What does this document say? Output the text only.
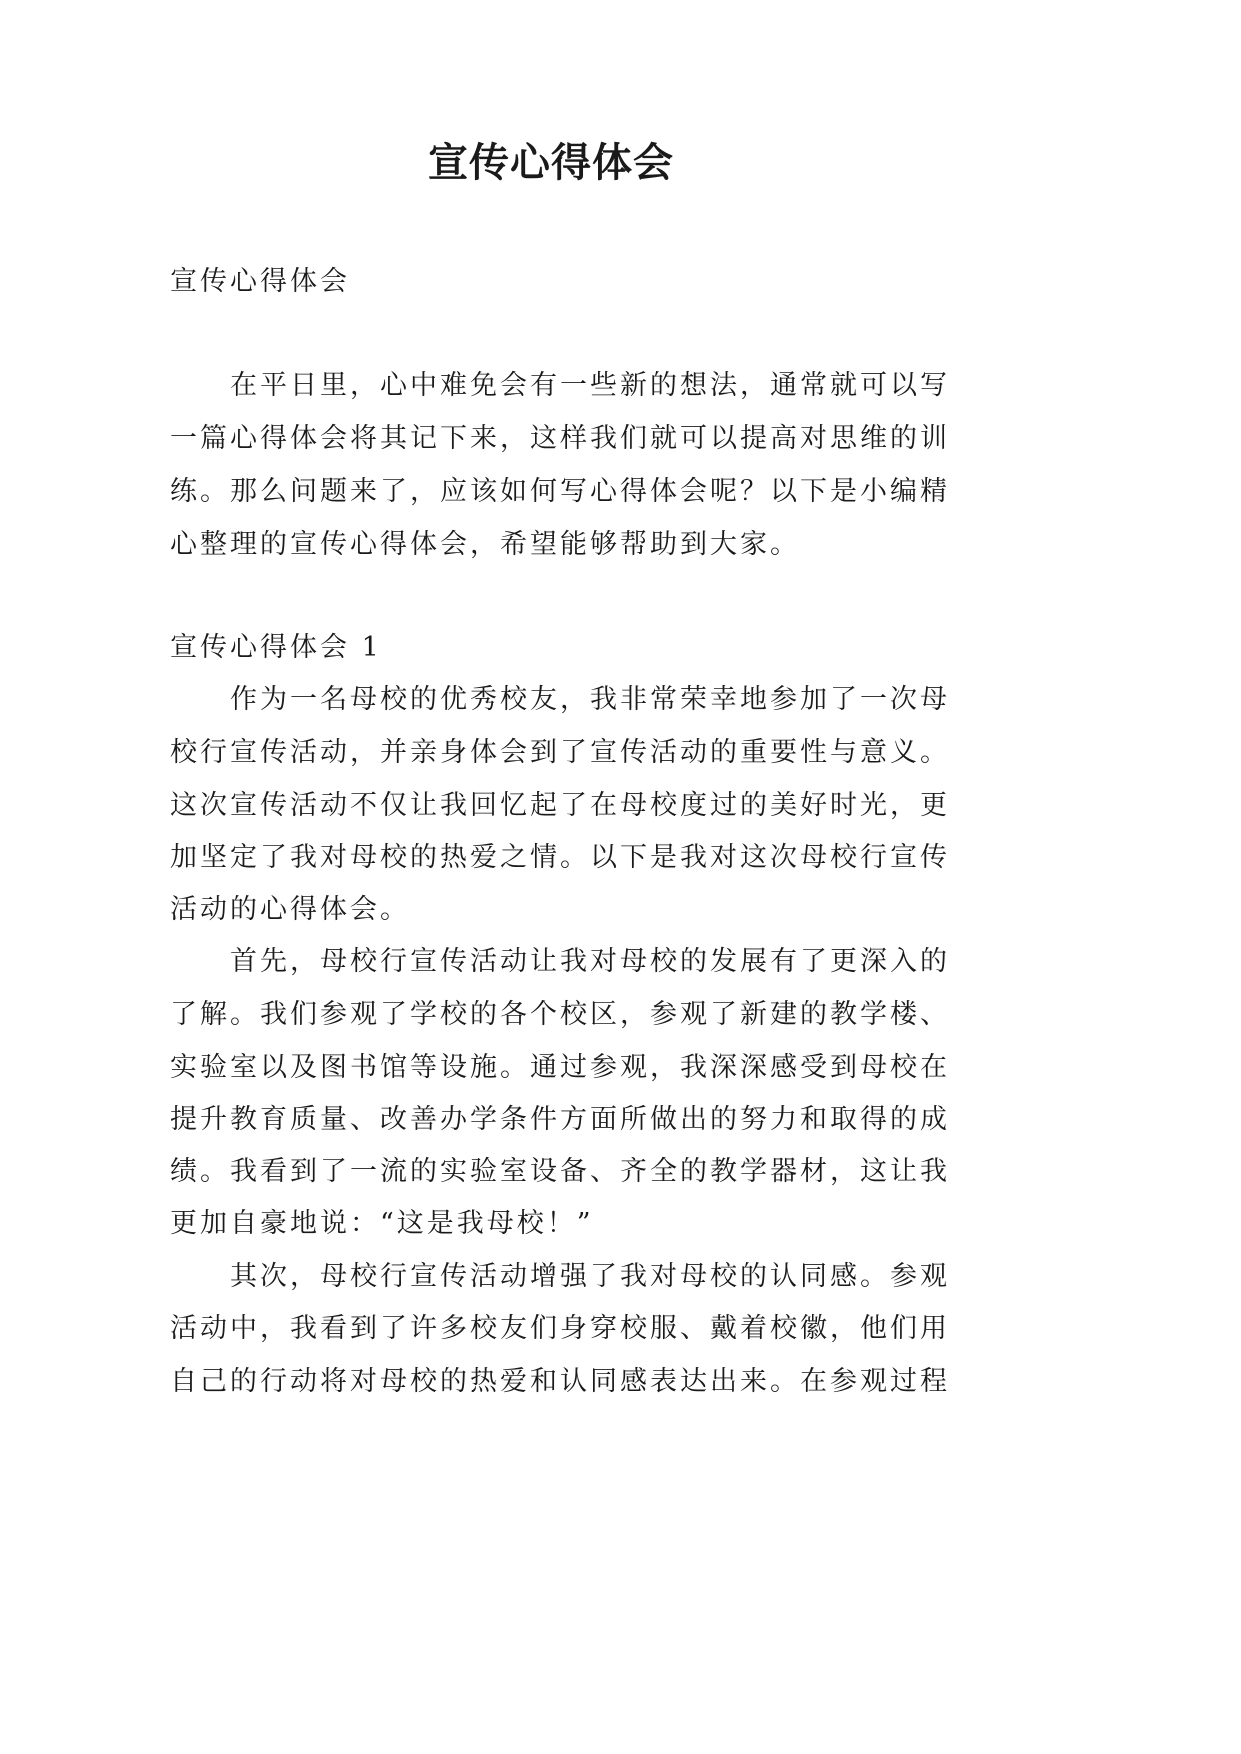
宣传心得体会
宣传心得体会
在平日里，心中难免会有一些新的想法，通常就可以写
一篇心得体会将其记下来，这样我们就可以提高对思维的训
练。那么问题来了，应该如何写心得体会呢？以下是小编精
心整理的宣传心得体会，希望能够帮助到大家。
宣传心得体会 1
作为一名母校的优秀校友，我非常荣幸地参加了一次母
校行宣传活动，并亲身体会到了宣传活动的重要性与意义。
这次宣传活动不仅让我回忆起了在母校度过的美好时光，更
加坚定了我对母校的热爱之情。以下是我对这次母校行宣传
活动的心得体会。
首先，母校行宣传活动让我对母校的发展有了更深入的
了解。我们参观了学校的各个校区，参观了新建的教学楼、
实验室以及图书馆等设施。通过参观，我深深感受到母校在
提升教育质量、改善办学条件方面所做出的努力和取得的成
绩。我看到了一流的实验室设备、齐全的教学器材，这让我
更加自豪地说：“这是我母校！”
其次，母校行宣传活动增强了我对母校的认同感。参观
活动中，我看到了许多校友们身穿校服、戴着校徽，他们用
自己的行动将对母校的热爱和认同感表达出来。在参观过程
